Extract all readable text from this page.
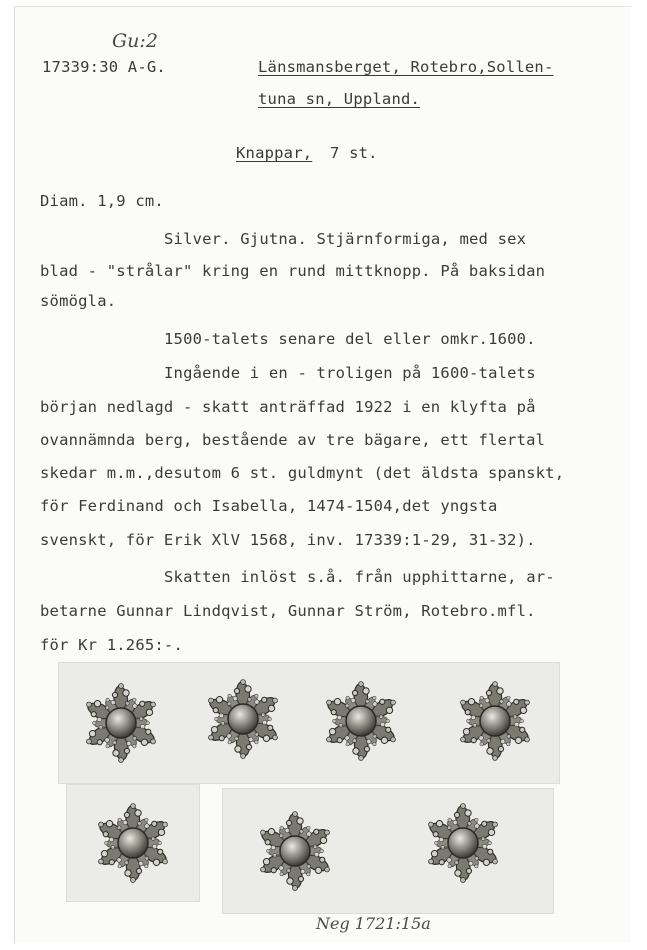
Gu:2
17339:30 A-G.	Länsmansberget, Rotebro,Sollen-
tuna sn, Uppland.
Knappar, 7 st.
Diam. 1,9 cm.
Silver. Gjutna. Stjärnformiga, med sex
blad - "strålar" kring en rund mittknopp. På baksidan
sömögla.
1500-talets senare del eller omkr.1600.
Ingående i en - troligen på 1600-talets
början nedlagd - skatt anträffad 1922 i en klyfta på
ovannämnda berg, bestående av tre bägare, ett flertal
skedar m.m.,desutom 6 st. guldmynt (det äldsta spanskt,
för Ferdinand och Isabella, 1474-1504,det yngsta
svenskt, för Erik XlV 1568, inv. 17339:1-29, 31-32).
Skatten inlöst s.å. från upphittarne, ar-
betarne Gunnar Lindqvist, Gunnar Ström, Rotebro.mfl.
för Kr 1.265:-.
Neg 1721:15a
